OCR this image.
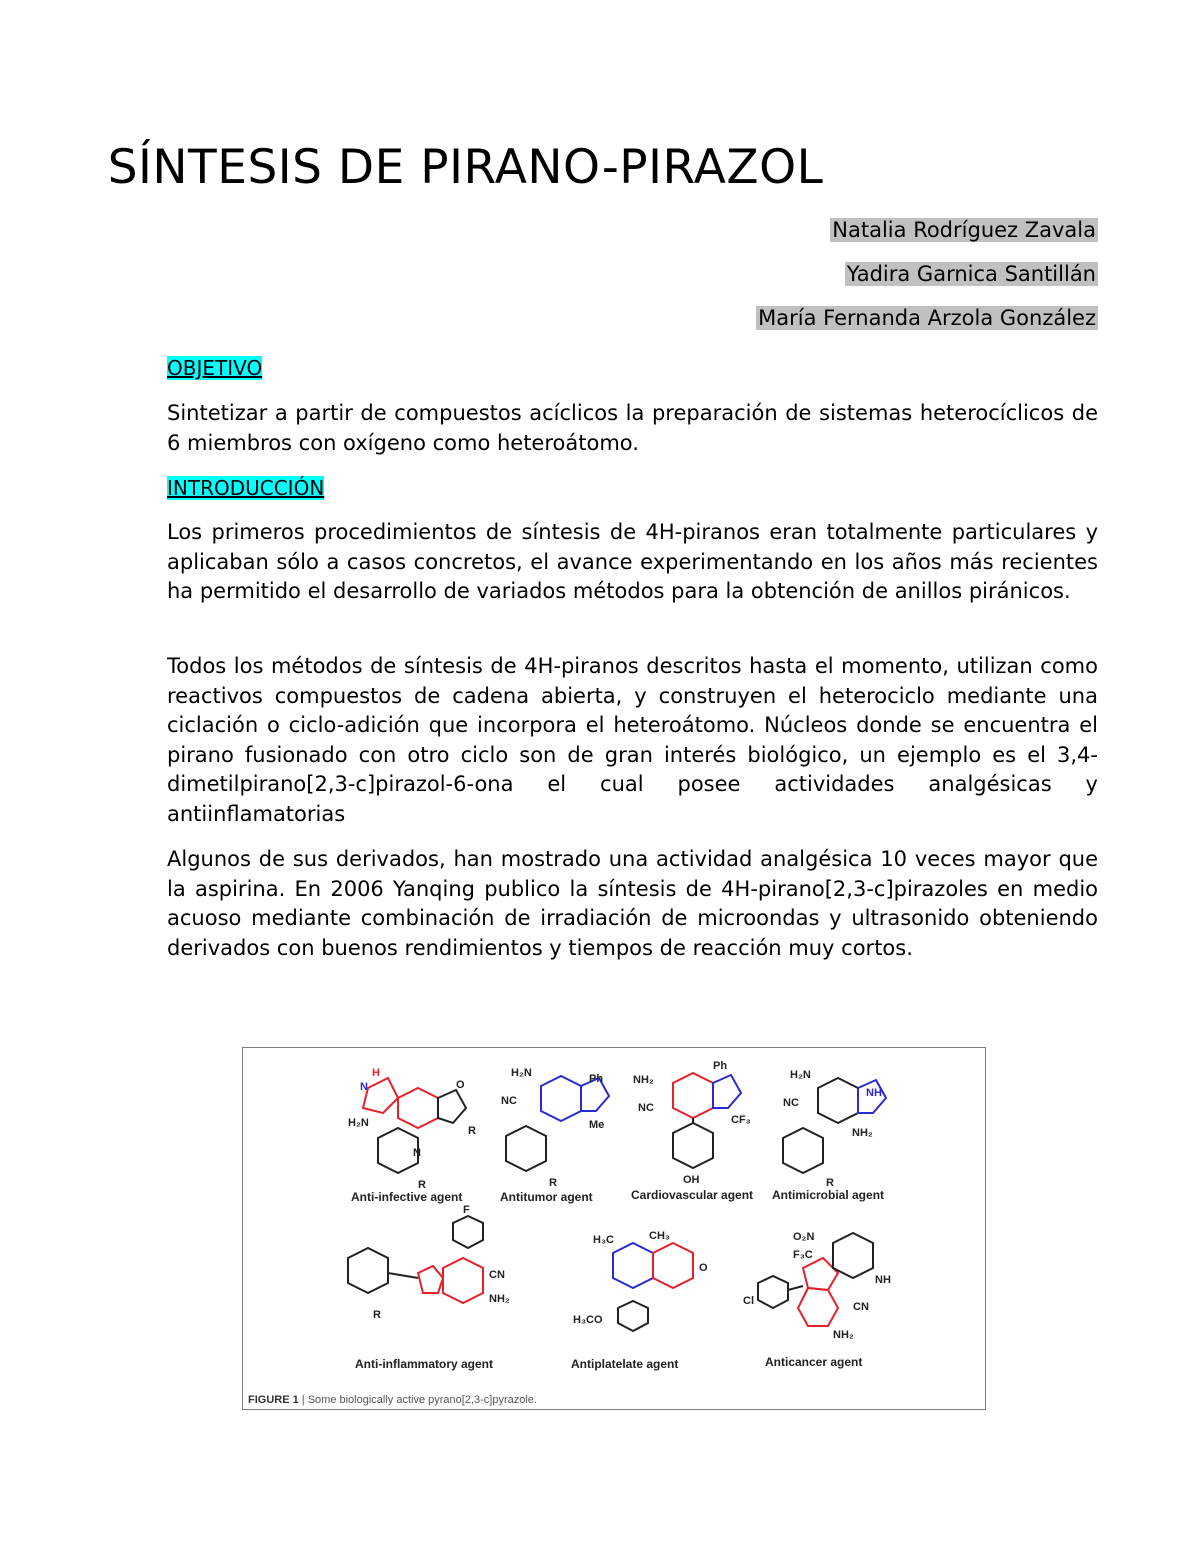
SÍNTESIS DE PIRANO-PIRAZOL
Natalia Rodríguez Zavala
Yadira Garnica Santillán
María Fernanda Arzola González
OBJETIVO

Sintetizar a partir de compuestos acíclicos la preparación de sistemas heterocíclicos de 6 miembros con oxígeno como heteroátomo.

INTRODUCCIÓN

Los primeros procedimientos de síntesis de 4H-piranos eran totalmente particulares y aplicaban sólo a casos concretos, el avance experimentando en los años más recientes ha permitido el desarrollo de variados métodos para la obtención de anillos piránicos.

Todos los métodos de síntesis de 4H-piranos descritos hasta el momento, utilizan como reactivos compuestos de cadena abierta, y construyen el heterociclo mediante una ciclación o ciclo-adición que incorpora el heteroátomo. Núcleos donde se encuentra el pirano fusionado con otro ciclo son de gran interés biológico, un ejemplo es el 3,4-dimetilpirano[2,3-c]pirazol-6-ona el cual posee actividades analgésicas y antiinflamatorias

Algunos de sus derivados, han mostrado una actividad analgésica 10 veces mayor que la aspirina. En 2006 Yanqing publico la síntesis de 4H-pirano[2,3-c]pirazoles en medio acuoso mediante combinación de irradiación de microondas y ultrasonido obteniendo derivados con buenos rendimientos y tiempos de reacción muy cortos.

H
N
H₂N
O
R
N
R
H₂N	Ph
NC
Me
R
NH₂
Ph
NC
CF₃
OH
H₂N
NC
NH
NH₂
R
F
CN
NH₂
R
H₃C	CH₃
O
H₃CO
O₂N
F₃C
NH
CN
NH₂
Cl
Anti-infective agent	Antitumor agent	Cardiovascular agent Antimicrobial agent
Anti-inflammatory agent	Antiplatelate agent	Anticancer agent
FIGURE 1 | Some biologically active pyrano[2,3-c]pyrazole.
